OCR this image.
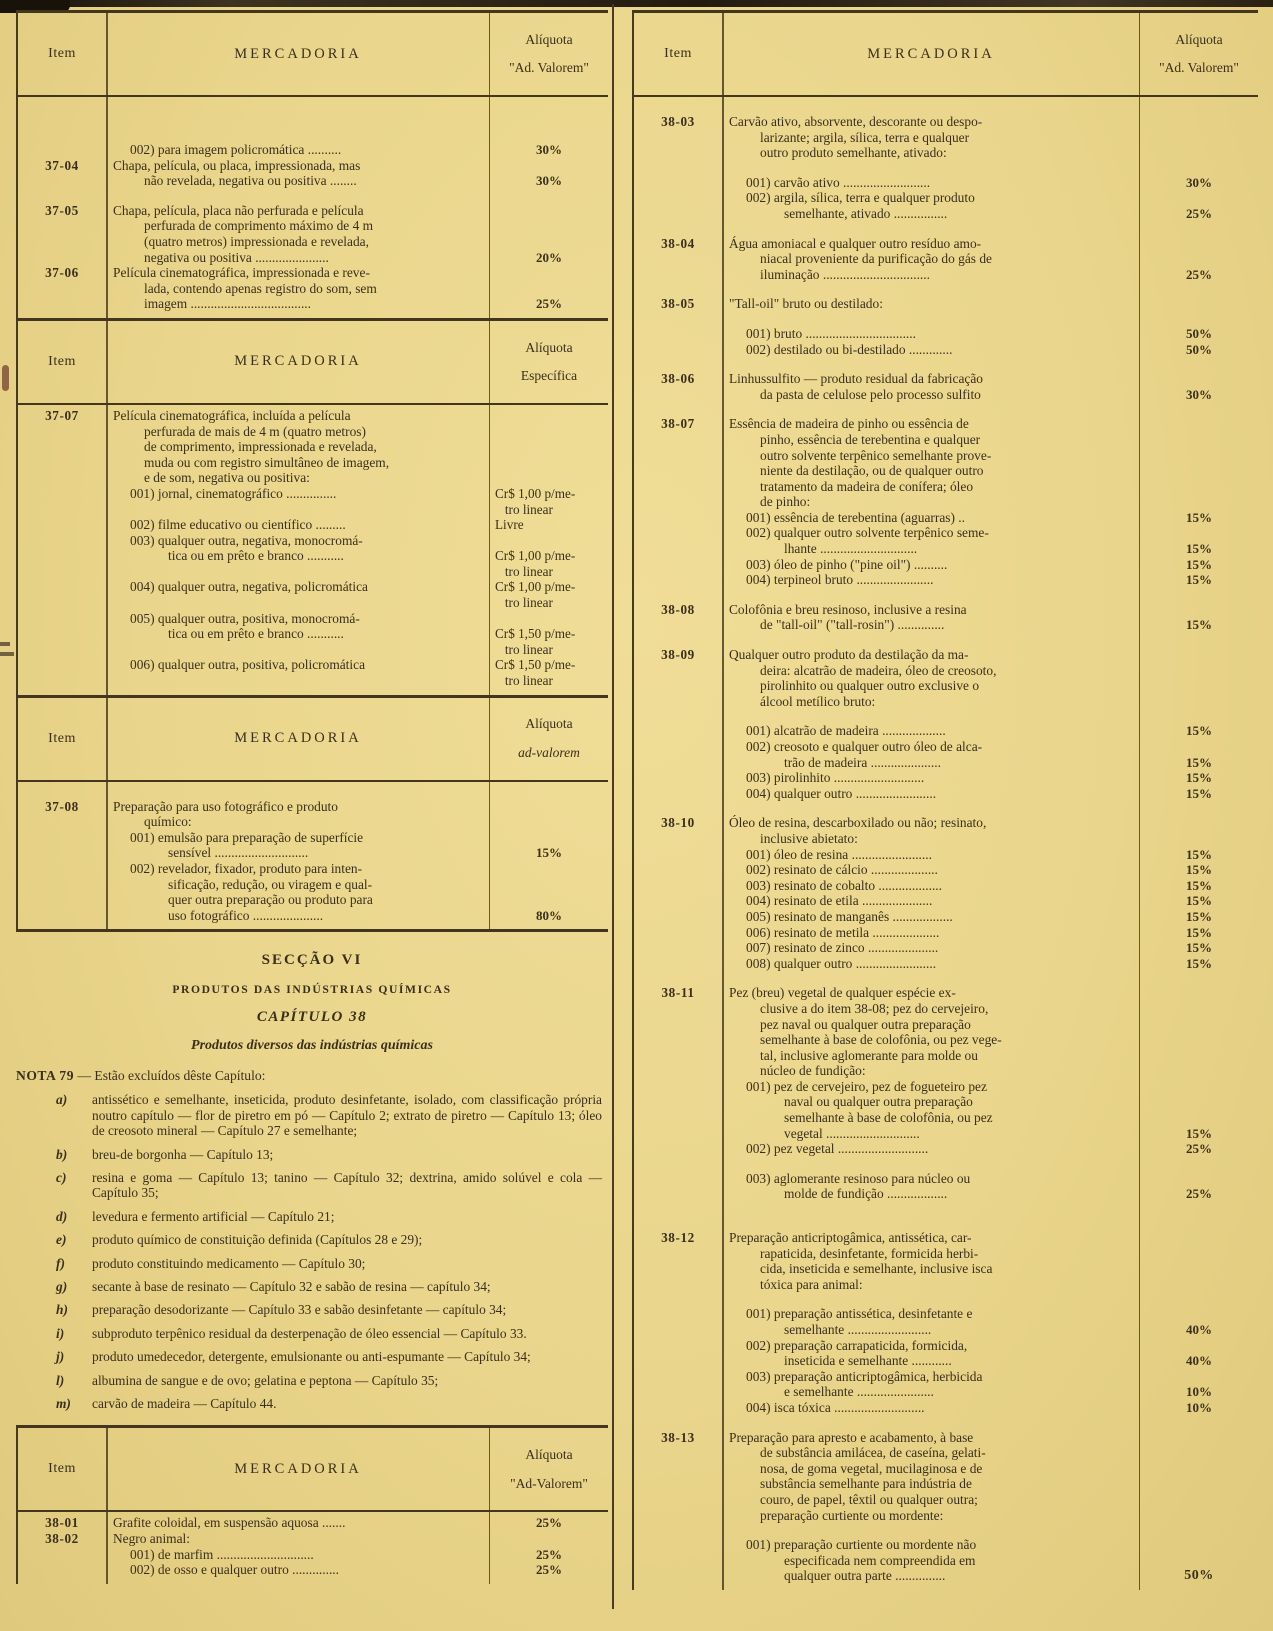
Item	MERCADORIA
Alíquota
"Ad. Valorem"
002) para imagem policromática ..........	30%
37-04	Chapa, película, ou placa, impressionada, mas
não revelada, negativa ou positiva ........	30%
37-05	Chapa, película, placa não perfurada e película
perfurada de comprimento máximo de 4 m
(quatro metros) impressionada e revelada,
negativa ou positiva ......................	20%
37-06	Película cinematográfica, impressionada e reve-
lada, contendo apenas registro do som, sem
imagem ....................................	25%
Item	MERCADORIA
Alíquota
Específica
37-07	Película cinematográfica, incluída a película
perfurada de mais de 4 m (quatro metros)
de comprimento, impressionada e revelada,
muda ou com registro simultâneo de imagem,
e de som, negativa ou positiva:
001) jornal, cinematográfico ...............	Cr$ 1,00 p/me-
tro linear
002) filme educativo ou científico .........	Livre
003) qualquer outra, negativa, monocromá-
tica ou em prêto e branco ...........	Cr$ 1,00 p/me-
tro linear
004) qualquer outra, negativa, policromática	Cr$ 1,00 p/me-
tro linear
005) qualquer outra, positiva, monocromá-
tica ou em prêto e branco ...........	Cr$ 1,50 p/me-
tro linear
006) qualquer outra, positiva, policromática	Cr$ 1,50 p/me-
tro linear
Item	MERCADORIA
Alíquota
ad-valorem
37-08	Preparação para uso fotográfico e produto
químico:
001) emulsão para preparação de superfície
sensível ............................	15%
002) revelador, fixador, produto para inten-
sificação, redução, ou viragem e qual-
quer outra preparação ou produto para
uso fotográfico .....................	80%
SECÇÃO VI
PRODUTOS DAS INDÚSTRIAS QUÍMICAS
CAPÍTULO 38
Produtos diversos das indústrias químicas
NOTA 79 — Estão excluídos dêste Capítulo:
a)	antissético e semelhante, inseticida, produto desinfetante, isolado, com classificação própria noutro capítulo — flor de piretro em pó — Capítulo 2; extrato de piretro — Capítulo 13; óleo de creosoto mineral — Capítulo 27 e semelhante;
b)	breu-de borgonha — Capítulo 13;
c)	resina e goma — Capítulo 13; tanino — Capítulo 32; dextrina, amido solúvel e cola — Capítulo 35;
d)	levedura e fermento artificial — Capítulo 21;
e)	produto químico de constituição definida (Capítulos 28 e 29);
f)	produto constituindo medicamento — Capítulo 30;
g)	secante à base de resinato — Capítulo 32 e sabão de resina — capítulo 34;
h)	preparação desodorizante — Capítulo 33 e sabão desinfetante — capítulo 34;
i)	subproduto terpênico residual da desterpenação de óleo essencial — Capítulo 33.
j)	produto umedecedor, detergente, emulsionante ou anti-espumante — Capítulo 34;
l)	albumina de sangue e de ovo; gelatina e peptona — Capítulo 35;
m)	carvão de madeira — Capítulo 44.
Item	MERCADORIA
Alíquota
"Ad-Valorem"
38-01	Grafite coloidal, em suspensão aquosa .......	25%
38-02	Negro animal:
001) de marfim .............................	25%
002) de osso e qualquer outro ..............	25%
Item	MERCADORIA
Alíquota
"Ad. Valorem"
38-03	Carvão ativo, absorvente, descorante ou despo-
larizante; argila, sílica, terra e qualquer
outro produto semelhante, ativado:
001) carvão ativo ..........................	30%
002) argila, sílica, terra e qualquer produto
semelhante, ativado ................	25%
38-04	Água amoniacal e qualquer outro resíduo amo-
niacal proveniente da purificação do gás de
iluminação ................................	25%
38-05	"Tall-oil" bruto ou destilado:
001) bruto .................................	50%
002) destilado ou bi-destilado .............	50%
38-06	Linhussulfito — produto residual da fabricação
da pasta de celulose pelo processo sulfito	30%
38-07	Essência de madeira de pinho ou essência de
pinho, essência de terebentina e qualquer
outro solvente terpênico semelhante prove-
niente da destilação, ou de qualquer outro
tratamento da madeira de conífera; óleo
de pinho:
001) essência de terebentina (aguarras) ..	15%
002) qualquer outro solvente terpênico seme-
lhante .............................	15%
003) óleo de pinho ("pine oil") ..........	15%
004) terpineol bruto .......................	15%
38-08	Colofônia e breu resinoso, inclusive a resina
de "tall-oil" ("tall-rosin") ..............	15%
38-09	Qualquer outro produto da destilação da ma-
deira: alcatrão de madeira, óleo de creosoto,
pirolinhito ou qualquer outro exclusive o
álcool metílico bruto:
001) alcatrão de madeira ...................	15%
002) creosoto e qualquer outro óleo de alca-
trão de madeira .....................	15%
003) pirolinhito ...........................	15%
004) qualquer outro ........................	15%
38-10	Óleo de resina, descarboxilado ou não; resinato,
inclusive abietato:
001) óleo de resina ........................	15%
002) resinato de cálcio ....................	15%
003) resinato de cobalto ...................	15%
004) resinato de etila .....................	15%
005) resinato de manganês ..................	15%
006) resinato de metila ....................	15%
007) resinato de zinco .....................	15%
008) qualquer outro ........................	15%
38-11	Pez (breu) vegetal de qualquer espécie ex-
clusive a do item 38-08; pez do cervejeiro,
pez naval ou qualquer outra preparação
semelhante à base de colofônia, ou pez vege-
tal, inclusive aglomerante para molde ou
núcleo de fundição:
001) pez de cervejeiro, pez de fogueteiro pez
naval ou qualquer outra preparação
semelhante à base de colofônia, ou pez
vegetal ............................	15%
002) pez vegetal ...........................	25%
003) aglomerante resinoso para núcleo ou
molde de fundição ..................	25%
38-12	Preparação anticriptogâmica, antissética, car-
rapaticida, desinfetante, formicida herbi-
cida, inseticida e semelhante, inclusive isca
tóxica para animal:
001) preparação antissética, desinfetante e
semelhante .........................	40%
002) preparação carrapaticida, formicida,
inseticida e semelhante ............	40%
003) preparação anticriptogâmica, herbicida
e semelhante .......................	10%
004) isca tóxica ...........................	10%
38-13	Preparação para apresto e acabamento, à base
de substância amilácea, de caseína, gelati-
nosa, de goma vegetal, mucilaginosa e de
substância semelhante para indústria de
couro, de papel, têxtil ou qualquer outra;
preparação curtiente ou mordente:
001) preparação curtiente ou mordente não
especificada nem compreendida em
qualquer outra parte ...............	50%
